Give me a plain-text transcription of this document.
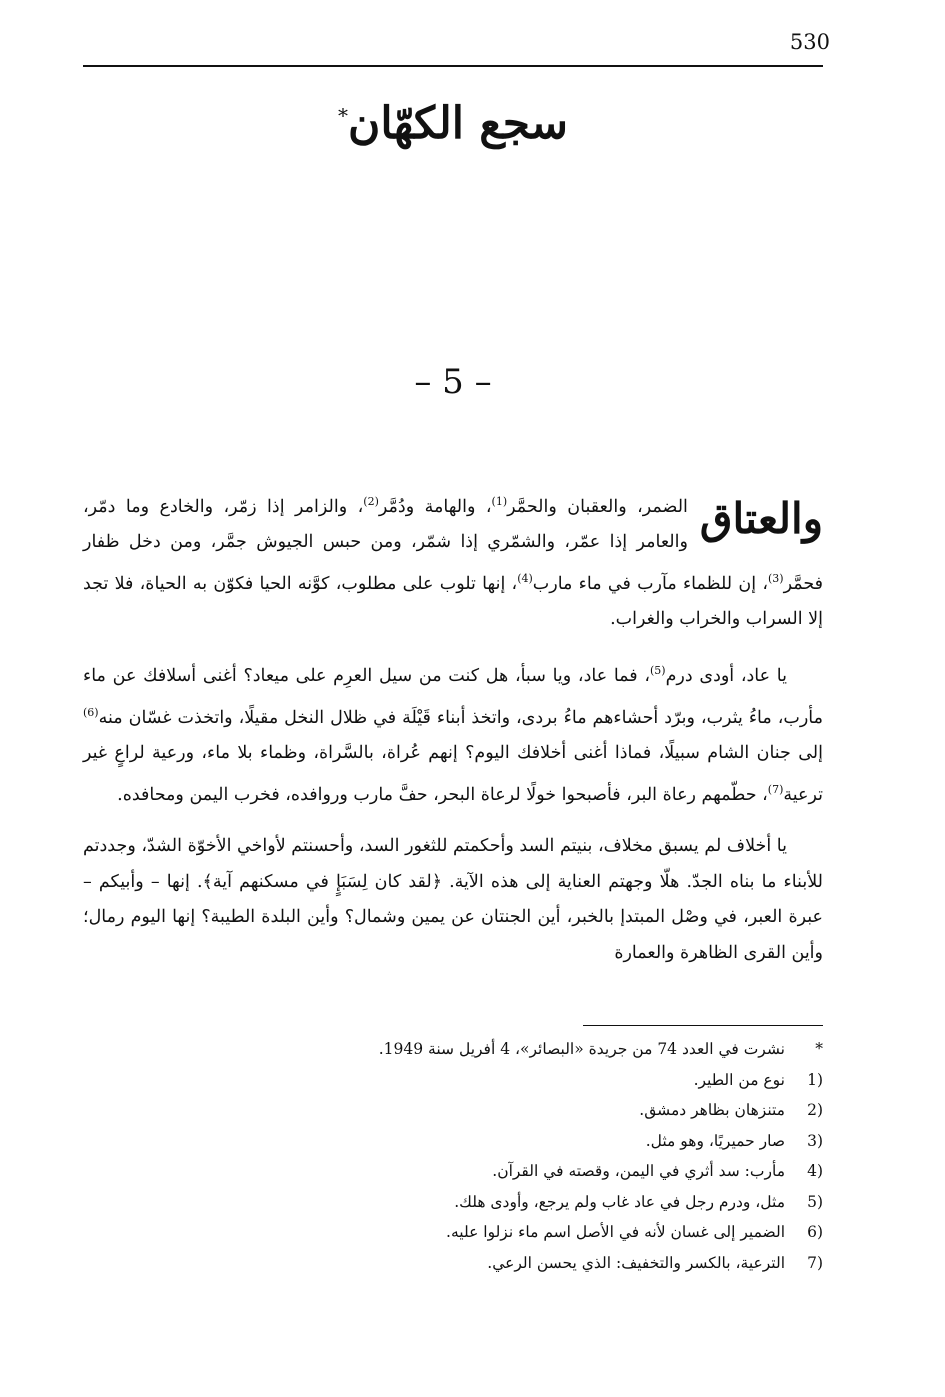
530
سجع الكهّان*
– 5 –

والعتاق
الضمر، والعقبان والحمَّر$^{(1)}$، والهامة ودُمَّر$^{(2)}$، والزامر إذا زمّر، والخادع وما دمّر، والعامر إذا عمّر، والشمّري إذا شمّر، ومن حبس الجيوش جمَّر، ومن دخل ظفار فحمَّر$^{(3)}$، إن للظماء مآرب في ماء مارب$^{(4)}$، إنها تلوب على مطلوب، كوَّنه الحيا فكوّن به الحياة، فلا تجد إلا السراب والخراب والغراب.

يا عاد، أودى درم$^{(5)}$، فما عاد، ويا سبأ، هل كنت من سيل العرِم على ميعاد؟ أغنى أسلافك عن ماء مأرب، ماءُ يثرب، وبرّد أحشاءهم ماءُ بردى، واتخذ أبناء قَيْلَة في ظلال النخل مقيلًا، واتخذت غسّان منه$^{(6)}$ إلى جنان الشام سبيلًا، فماذا أغنى أخلافك اليوم؟ إنهم عُراة، بالسَّراة، وظماء بلا ماء، ورعية لراعٍ غير ترعية$^{(7)}$، حطّمهم رعاة البر، فأصبحوا خولًا لرعاة البحر، حفَّ مارب وروافده، فخرب اليمن ومحافده.

يا أخلاف لم يسبق مخلاف، بنيتم السد وأحكمتم للثغور السد، وأحسنتم لأواخي الأخوّة الشدّ، وجددتم للأبناء ما بناه الجدّ. هلّا وجهتم العناية إلى هذه الآية. ﴿لقد كان لِسَبَإٍ في مسكنهم آية﴾. إنها – وأبيكم – عبرة العبر، في وصْل المبتدإ بالخبر، أين الجنتان عن يمين وشمال؟ وأين البلدة الطيبة؟ إنها اليوم رمال؛ وأين القرى الظاهرة والعمارة

*
نشرت في العدد 74 من جريدة «البصائر»، 4 أفريل سنة 1949.
1)
نوع من الطير.
2)
متنزهان بظاهر دمشق.
3)
صار حميريًا، وهو مثل.
4)
مأرب: سد أثري في اليمن، وقصته في القرآن.
5)
مثل، ودرم رجل في عاد غاب ولم يرجع، وأودى هلك.
6)
الضمير إلى غسان لأنه في الأصل اسم ماء نزلوا عليه.
7)
الترعية، بالكسر والتخفيف: الذي يحسن الرعي.
